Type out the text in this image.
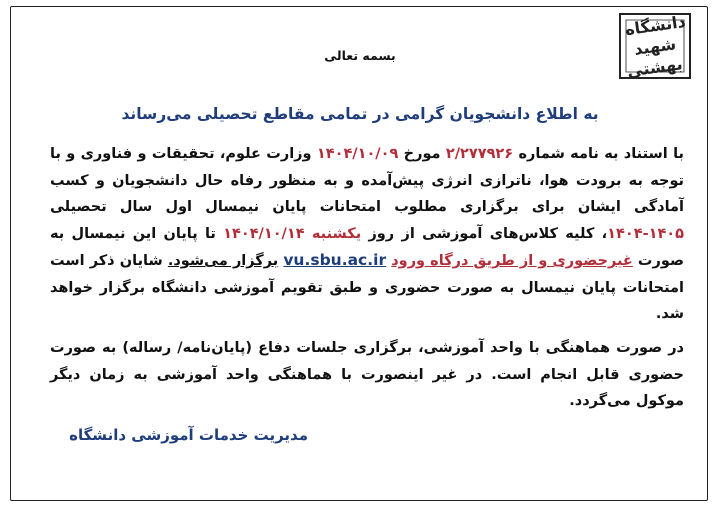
دانشگاه
شهید
بهشتی
بسمه تعالی
به اطلاع دانشجویان گرامی در تمامی مقاطع تحصیلی می‌رساند
با استناد به نامه شماره ۲/۲۷۷۹۲۶ مورخ ۱۴۰۴/۱۰/۰۹ وزارت علوم، تحقیقات و فناوری و با توجه به برودت هوا، ناترازی انرژی پیش‌آمده و به منظور رفاه حال دانشجویان و کسب آمادگی ایشان برای برگزاری مطلوب امتحانات پایان نیمسال اول سال تحصیلی ۱۴۰۵-۱۴۰۴، کلیه کلاس‌های آموزشی از روز یکشنبه ۱۴۰۴/۱۰/۱۴ تا پایان این نیمسال به صورت غیرحضوری و از طریق درگاه ورود vu.sbu.ac.ir برگزار می‌شود. شایان ذکر است امتحانات پایان نیمسال به صورت حضوری و طبق تقویم آموزشی دانشگاه برگزار خواهد شد.
در صورت هماهنگی با واحد آموزشی، برگزاری جلسات دفاع (پایان‌نامه/ رساله) به صورت حضوری قابل انجام است. در غیر اینصورت با هماهنگی واحد آموزشی به زمان دیگر موکول می‌گردد.
مدیریت خدمات آموزشی دانشگاه
